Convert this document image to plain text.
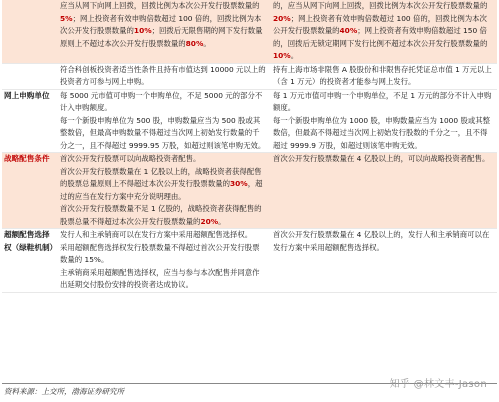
	应当从网下向网上回拨，回拨比例为本次公开发行股票数量的5%；网上投资者有效申购倍数超过 100 倍的，回拨比例为本次公开发行股票数量的10%；回拨后无限售期的网下发行数量原则上不超过本次公开发行股票数量的80%。	的，应当从网下向网上回拨，回拨比例为本次公开发行股票数量的20%；网上投资者有效申购倍数超过 100 倍的，回拨比例为本次公开发行股票数量的40%；网上投资者有效申购倍数超过 150 倍的，回拨后无锁定期网下发行比例不超过本次公开发行股票数量的10%。

	符合科创板投资者适当性条件且持有市值达到 10000 元以上的投资者方可参与网上申购。	持有上海市场非限售 A 股股份和非限售存托凭证总市值 1 万元以上（含 1 万元）的投资者才能参与网上发行。

网上申购单位	每 5000 元市值可申购一个申购单位，不足 5000 元的部分不计入申购额度。
每一个新股申购单位为 500 股，申购数量应当为 500 股或其整数倍，但最高申购数量不得超过当次网上初始发行数量的千分之一，且不得超过 9999.95 万股，如超过则该笔申购无效。	每 1 万元市值可申购一个申购单位，不足 1 万元的部分不计入申购额度。
每一个新股申购单位为 1000 股，申购数量应当为 1000 股或其整数倍，但最高不得超过当次网上初始发行股数的千分之一，且不得超过 9999.9 万股，如超过则该笔申购无效。

战略配售条件	首次公开发行股票可以向战略投资者配售。
首次公开发行股票数量在 1 亿股以上的，战略投资者获得配售的股票总量原则上不得超过本次公开发行股票数量的30%，超过的应当在发行方案中充分说明理由。
首次公开发行股票数量不足 1 亿股的，战略投资者获得配售的股票总量不得超过本次公开发行股票数量的20%。	首次公开发行股票数量在 4 亿股以上的，可以向战略投资者配售。

超额配售选择权（绿鞋机制）	发行人和主承销商可以在发行方案中采用超额配售选择权。
采用超额配售选择权发行股票数量不得超过首次公开发行股票数量的 15%。
主承销商采用超额配售选择权，应当与参与本次配售并同意作出延期交付股份安排的投资者达成协议。	首次公开发行股票数量在 4 亿股以上的，发行人和主承销商可以在发行方案中采用超额配售选择权。
资料来源：上交所，渤海证券研究所
知乎 @林文丰-Jason
